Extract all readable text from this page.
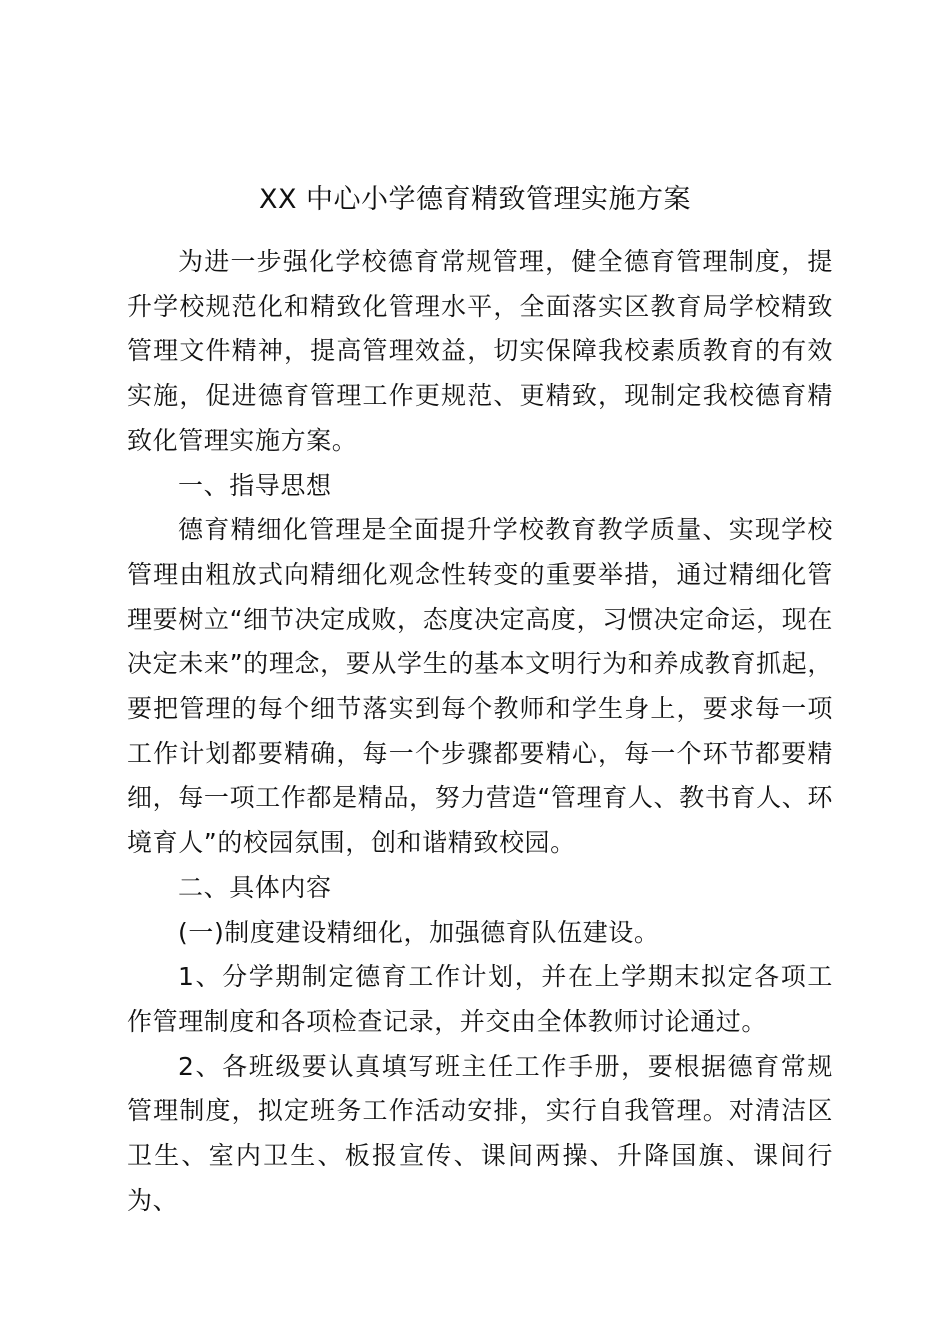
XX 中心小学德育精致管理实施方案

为进一步强化学校德育常规管理，健全德育管理制度，提升学校规范化和精致化管理水平，全面落实区教育局学校精致管理文件精神，提高管理效益，切实保障我校素质教育的有效实施，促进德育管理工作更规范、更精致，现制定我校德育精致化管理实施方案。

一、指导思想

德育精细化管理是全面提升学校教育教学质量、实现学校管理由粗放式向精细化观念性转变的重要举措，通过精细化管理要树立“细节决定成败，态度决定高度，习惯决定命运，现在决定未来”的理念，要从学生的基本文明行为和养成教育抓起，要把管理的每个细节落实到每个教师和学生身上，要求每一项工作计划都要精确，每一个步骤都要精心，每一个环节都要精细，每一项工作都是精品，努力营造“管理育人、教书育人、环境育人”的校园氛围，创和谐精致校园。

二、具体内容

(一)制度建设精细化，加强德育队伍建设。

1、分学期制定德育工作计划，并在上学期末拟定各项工作管理制度和各项检查记录，并交由全体教师讨论通过。

2、各班级要认真填写班主任工作手册，要根据德育常规管理制度，拟定班务工作活动安排，实行自我管理。对清洁区卫生、室内卫生、板报宣传、课间两操、升降国旗、课间行为、
